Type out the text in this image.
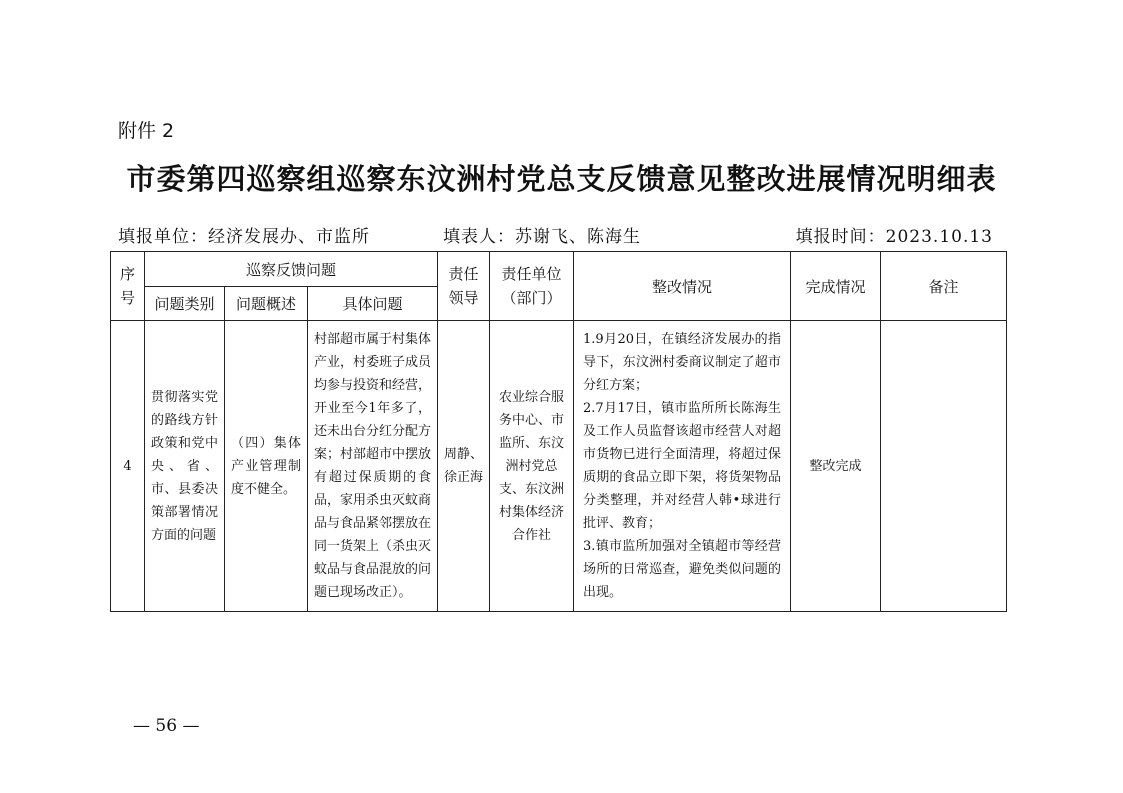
附件 2
市委第四巡察组巡察东汶洲村党总支反馈意见整改进展情况明细表
填报单位：经济发展办、市监所	填表人：苏谢飞、陈海生	填报时间：2023.10.13
序号	巡察反馈问题			责任领导	责任单位（部门）	整改情况	完成情况	备注
	问题类别	问题概述	具体问题					

4	贯彻落实党的路线方针政策和党中央、省、市、县委决策部署情况方面的问题	（四）集体产业管理制度不健全。	村部超市属于村集体产业，村委班子成员均参与投资和经营，开业至今1年多了，还未出台分红分配方案；村部超市中摆放有超过保质期的食品，家用杀虫灭蚊商品与食品紧邻摆放在同一货架上（杀虫灭蚊品与食品混放的问题已现场改正）。	周静、徐正海	农业综合服务中心、市监所、东汶洲村党总支、东汶洲村集体经济合作社	1.9月20日，在镇经济发展办的指导下，东汶洲村委商议制定了超市分红方案；
2.7月17日，镇市监所所长陈海生及工作人员监督该超市经营人对超市货物已进行全面清理，将超过保质期的食品立即下架，将货架物品分类整理，并对经营人韩•球进行批评、教育；
3.镇市监所加强对全镇超市等经营场所的日常巡查，避免类似问题的出现。	整改完成	

— 56 —
